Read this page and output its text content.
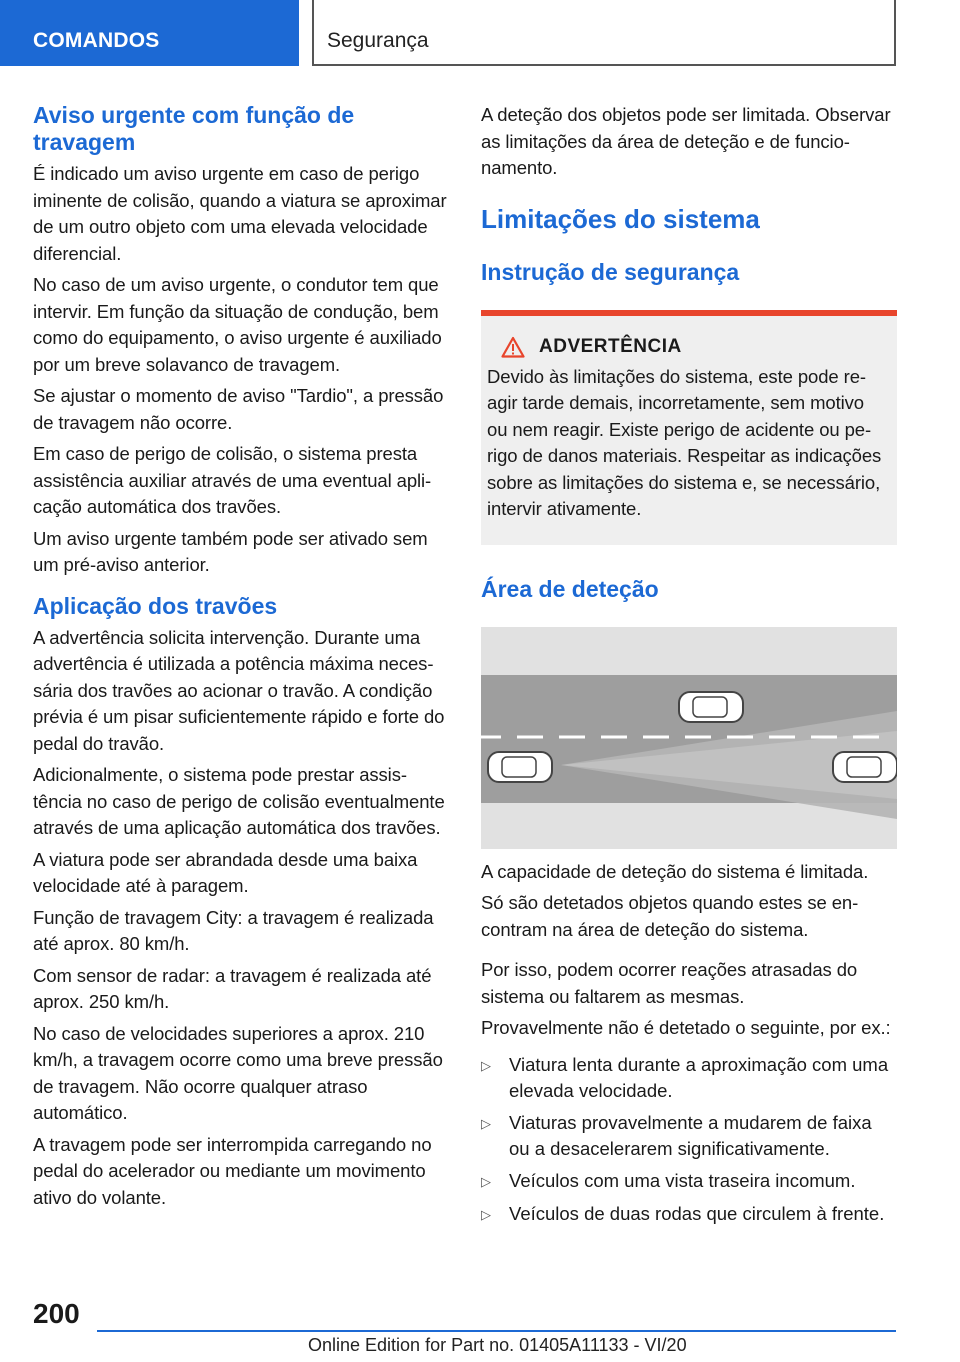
COMANDOS	Segurança
Aviso urgente com função de travagem

É indicado um aviso urgente em caso de perigo iminente de colisão, quando a viatura se aproximar de um outro objeto com uma elevada velocidade diferencial.

No caso de um aviso urgente, o condutor tem que intervir. Em função da situação de condução, bem como do equipamento, o aviso urgente é auxiliado por um breve solavanco de travagem.

Se ajustar o momento de aviso "Tardio", a pressão de travagem não ocorre.

Em caso de perigo de colisão, o sistema presta assistência auxiliar através de uma eventual aplicação automática dos travões.

Um aviso urgente também pode ser ativado sem um pré-aviso anterior.

Aplicação dos travões

A advertência solicita intervenção. Durante uma advertência é utilizada a potência máxima necessária dos travões ao acionar o travão. A condição prévia é um pisar suficientemente rápido e forte do pedal do travão.

Adicionalmente, o sistema pode prestar assistência no caso de perigo de colisão eventualmente através de uma aplicação automática dos travões.

A viatura pode ser abrandada desde uma baixa velocidade até à paragem.

Função de travagem City: a travagem é realizada até aprox. 80 km/h.

Com sensor de radar: a travagem é realizada até aprox. 250 km/h.

No caso de velocidades superiores a aprox. 210 km/h, a travagem ocorre como uma breve pressão de travagem. Não ocorre qualquer atraso automático.

A travagem pode ser interrompida carregando no pedal do acelerador ou mediante um movimento ativo do volante.

A deteção dos objetos pode ser limitada. Observar as limitações da área de deteção e de funcionamento.

Limitações do sistema
Instrução de segurança
ADVERTÊNCIA

Devido às limitações do sistema, este pode reagir tarde demais, incorretamente, sem motivo ou nem reagir. Existe perigo de acidente ou perigo de danos materiais. Respeitar as indicações sobre as limitações do sistema e, se necessário, intervir ativamente.

Área de deteção

A capacidade de deteção do sistema é limitada.

Só são detetados objetos quando estes se encontram na área de deteção do sistema.

Por isso, podem ocorrer reações atrasadas do sistema ou faltarem as mesmas.

Provavelmente não é detetado o seguinte, por ex.:

▷ Viatura lenta durante a aproximação com uma elevada velocidade.
▷ Viaturas provavelmente a mudarem de faixa ou a desacelerarem significativamente.
▷ Veículos com uma vista traseira incomum.
▷ Veículos de duas rodas que circulem à frente.
200
Online Edition for Part no. 01405A11133 - VI/20
